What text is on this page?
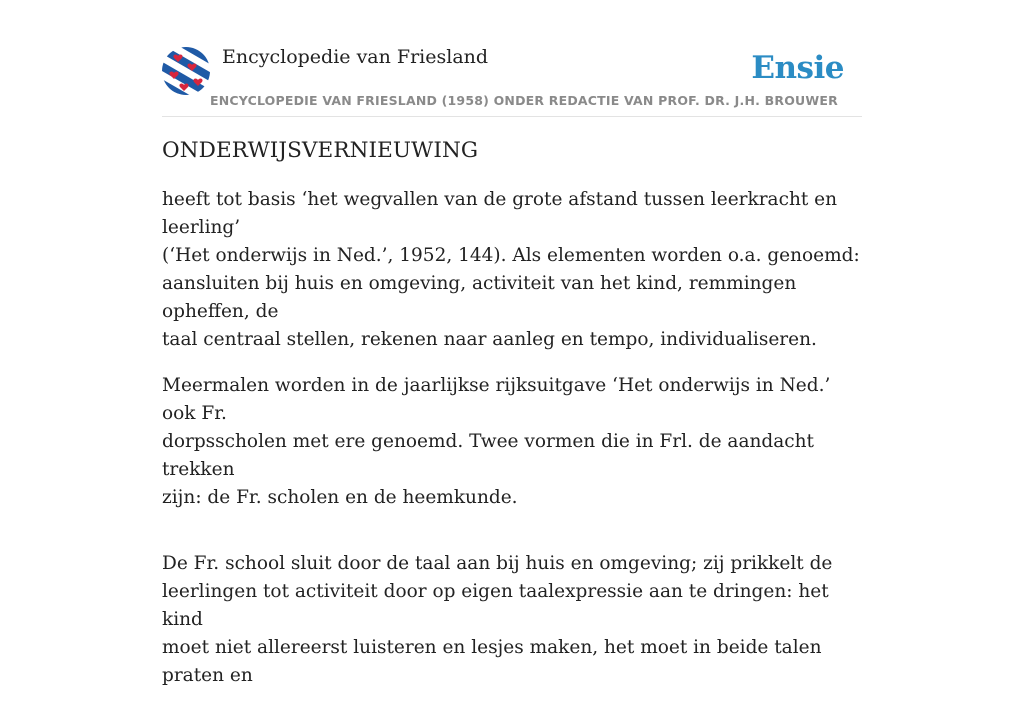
Encyclopedie van Friesland
ENCYCLOPEDIE VAN FRIESLAND (1958) ONDER REDACTIE VAN PROF. DR. J.H. BROUWER
Ensie
ONDERWIJSVERNIEUWING

heeft tot basis ‘het wegvallen van de grote afstand tussen leerkracht en leerling’
(‘Het onderwijs in Ned.’, 1952, 144). Als elementen worden o.a. genoemd:
aansluiten bij huis en omgeving, activiteit van het kind, remmingen opheffen, de
taal centraal stellen, rekenen naar aanleg en tempo, individualiseren.

Meermalen worden in de jaarlijkse rijksuitgave ‘Het onderwijs in Ned.’ ook Fr.
dorpsscholen met ere genoemd. Twee vormen die in Frl. de aandacht trekken
zijn: de Fr. scholen en de heemkunde.

De Fr. school sluit door de taal aan bij huis en omgeving; zij prikkelt de
leerlingen tot activiteit door op eigen taalexpressie aan te dringen: het kind
moet niet allereerst luisteren en lesjes maken, het moet in beide talen praten en
